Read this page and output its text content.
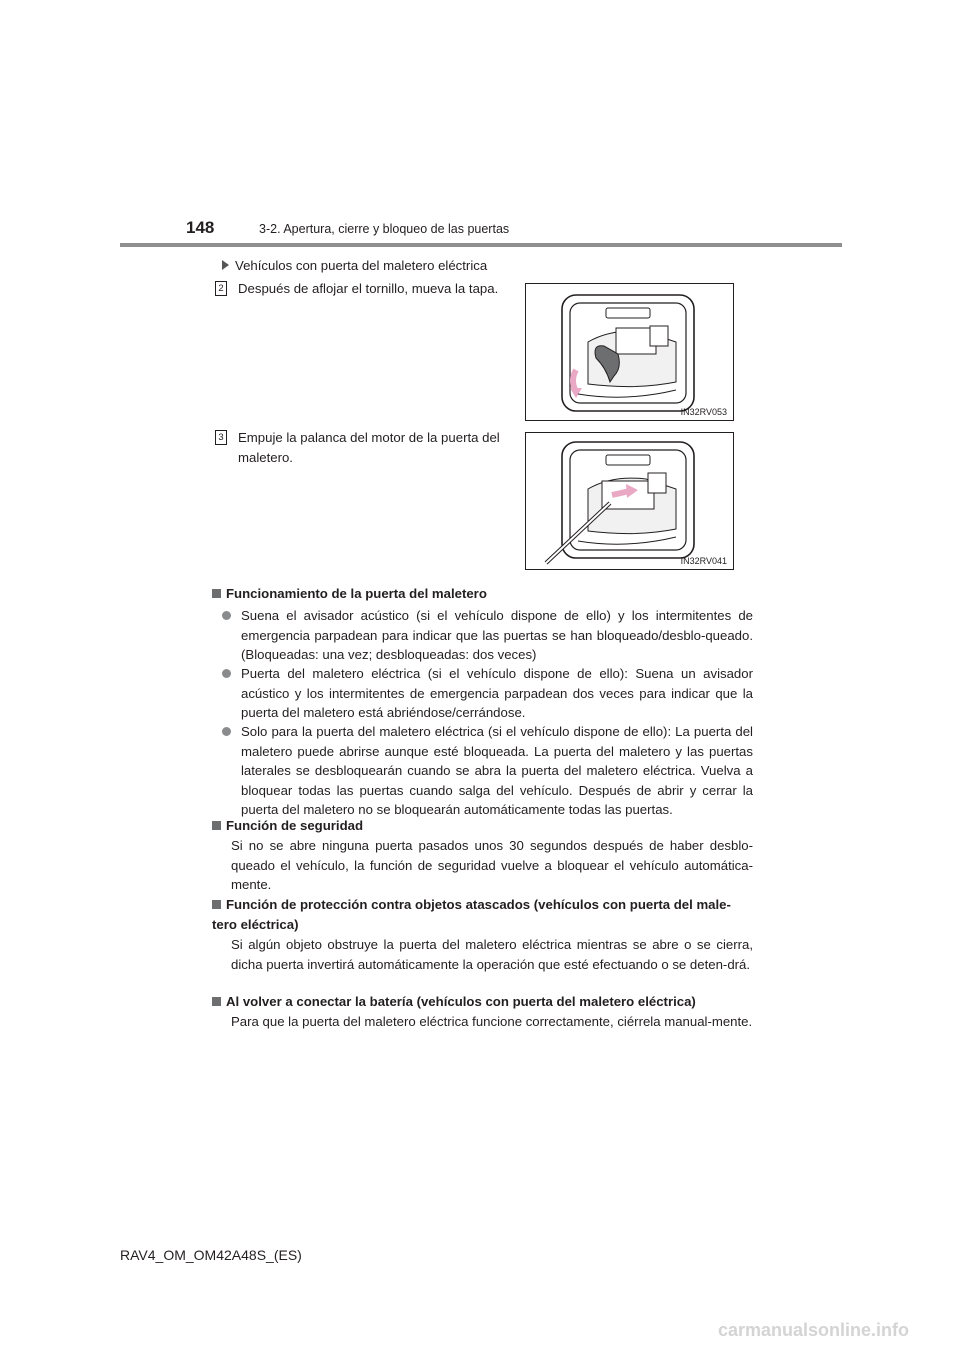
148	3-2. Apertura, cierre y bloqueo de las puertas
Vehículos con puerta del maletero eléctrica
2 Después de aflojar el tornillo, mueva la tapa.
IN32RV053
3 Empuje la palanca del motor de la puerta del maletero.
IN32RV041
Funcionamiento de la puerta del maletero
Suena el avisador acústico (si el vehículo dispone de ello) y los intermitentes de emergencia parpadean para indicar que las puertas se han bloqueado/desblo-queado. (Bloqueadas: una vez; desbloqueadas: dos veces)
Puerta del maletero eléctrica (si el vehículo dispone de ello): Suena un avisador acústico y los intermitentes de emergencia parpadean dos veces para indicar que la puerta del maletero está abriéndose/cerrándose.
Solo para la puerta del maletero eléctrica (si el vehículo dispone de ello): La puerta del maletero puede abrirse aunque esté bloqueada. La puerta del maletero y las puertas laterales se desbloquearán cuando se abra la puerta del maletero eléctrica. Vuelva a bloquear todas las puertas cuando salga del vehículo. Después de abrir y cerrar la puerta del maletero no se bloquearán automáticamente todas las puertas.
Función de seguridad
Si no se abre ninguna puerta pasados unos 30 segundos después de haber desblo-queado el vehículo, la función de seguridad vuelve a bloquear el vehículo automática-mente.
Función de protección contra objetos atascados (vehículos con puerta del male-tero eléctrica)
Si algún objeto obstruye la puerta del maletero eléctrica mientras se abre o se cierra, dicha puerta invertirá automáticamente la operación que esté efectuando o se deten-drá.
Al volver a conectar la batería (vehículos con puerta del maletero eléctrica)
Para que la puerta del maletero eléctrica funcione correctamente, ciérrela manual-mente.
RAV4_OM_OM42A48S_(ES)
carmanualsonline.info
